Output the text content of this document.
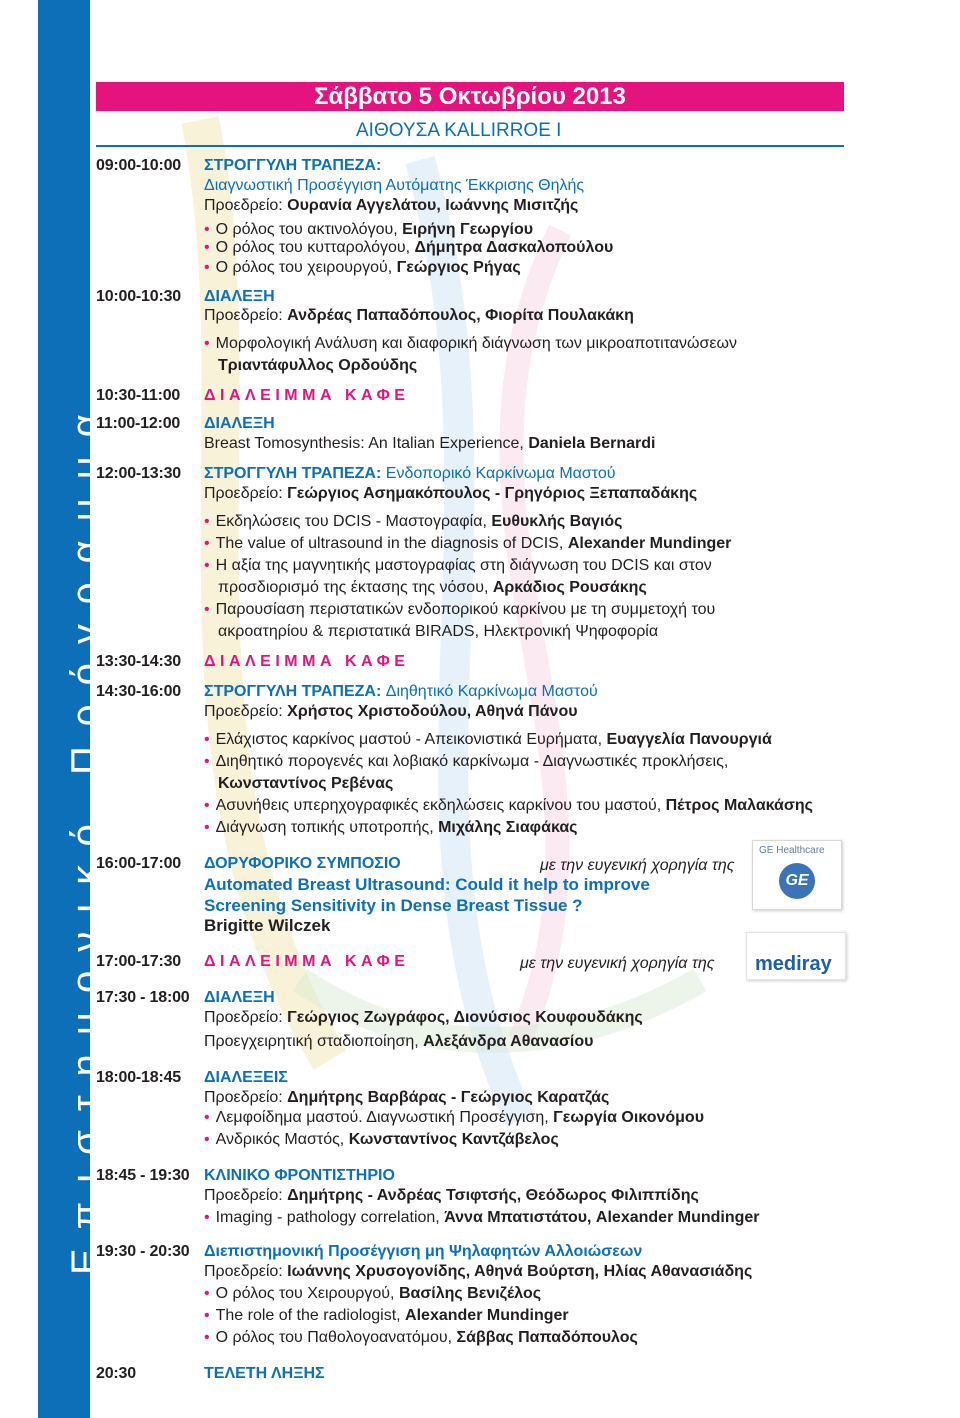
Επιστημονικό Πρόγραμμα
Σάββατο 5 Οκτωβρίου 2013
ΑΙΘΟΥΣΑ KALLIRROE I
09:00-10:00 ΣΤΡΟΓΓΥΛΗ ΤΡΑΠΕΖΑ:
Διαγνωστική Προσέγγιση Αυτόματης Έκκρισης Θηλής
Προεδρείο: Ουρανία Αγγελάτου, Ιωάννης Μισιτζής
• Ο ρόλος του ακτινολόγου, Ειρήνη Γεωργίου
• Ο ρόλος του κυτταρολόγου, Δήμητρα Δασκαλοπούλου
• Ο ρόλος του χειρουργού, Γεώργιος Ρήγας
10:00-10:30 ΔΙΑΛΕΞΗ
Προεδρείο: Ανδρέας Παπαδόπουλος, Φιορίτα Πουλακάκη
• Μορφολογική Ανάλυση και διαφορική διάγνωση των μικροαποτιτανώσεων
Τριαντάφυλλος Ορδούδης
10:30-11:00 ΔΙΑΛΕΙΜΜΑ ΚΑΦΕ
11:00-12:00 ΔΙΑΛΕΞΗ
Breast Tomosynthesis: An Italian Experience, Daniela Bernardi
12:00-13:30 ΣΤΡΟΓΓΥΛΗ ΤΡΑΠΕΖΑ: Ενδοπορικό Καρκίνωμα Μαστού
Προεδρείο: Γεώργιος Ασημακόπουλος - Γρηγόριος Ξεπαπαδάκης
• Εκδηλώσεις του DCIS - Μαστογραφία, Ευθυκλής Βαγιός
• The value of ultrasound in the diagnosis of DCIS, Alexander Mundinger
• Η αξία της μαγνητικής μαστογραφίας στη διάγνωση του DCIS και στον
προσδιορισμό της έκτασης της νόσου, Αρκάδιος Ρουσάκης
• Παρουσίαση περιστατικών ενδοπορικού καρκίνου με τη συμμετοχή του
ακροατηρίου & περιστατικά BIRADS, Ηλεκτρονική Ψηφοφορία
13:30-14:30 ΔΙΑΛΕΙΜΜΑ ΚΑΦΕ
14:30-16:00 ΣΤΡΟΓΓΥΛΗ ΤΡΑΠΕΖΑ: Διηθητικό Καρκίνωμα Μαστού
Προεδρείο: Χρήστος Χριστοδούλου, Αθηνά Πάνου
• Ελάχιστος καρκίνος μαστού - Απεικονιστικά Ευρήματα, Ευαγγελία Πανουργιά
• Διηθητικό πορογενές και λοβιακό καρκίνωμα - Διαγνωστικές προκλήσεις,
Κωνσταντίνος Ρεβένας
• Ασυνήθεις υπερηχογραφικές εκδηλώσεις καρκίνου του μαστού, Πέτρος Μαλακάσης
• Διάγνωση τοπικής υποτροπής, Μιχάλης Σιαφάκας
16:00-17:00 ΔΟΡΥΦΟΡΙΚΟ ΣΥΜΠΟΣΙΟ	με την ευγενική χορηγία της
Automated Breast Ultrasound: Could it help to improve
Screening Sensitivity in Dense Breast Tissue ?
Brigitte Wilczek
GE Healthcare
GE
17:00-17:30 ΔΙΑΛΕΙΜΜΑ ΚΑΦΕ	με την ευγενική χορηγία της mediray
17:30 - 18:00 ΔΙΑΛΕΞΗ
Προεδρείο: Γεώργιος Ζωγράφος, Διονύσιος Κουφουδάκης
Προεγχειρητική σταδιοποίηση, Αλεξάνδρα Αθανασίου
18:00-18:45 ΔΙΑΛΕΞΕΙΣ
Προεδρείο: Δημήτρης Βαρβάρας - Γεώργιος Καρατζάς
• Λεμφοίδημα μαστού. Διαγνωστική Προσέγγιση, Γεωργία Οικονόμου
• Ανδρικός Μαστός, Κωνσταντίνος Καντζάβελος
18:45 - 19:30 ΚΛΙΝΙΚΟ ΦΡΟΝΤΙΣΤΗΡΙΟ
Προεδρείο: Δημήτρης - Ανδρέας Τσιφτσής, Θεόδωρος Φιλιππίδης
• Imaging - pathology correlation, Άννα Μπατιστάτου, Alexander Mundinger
19:30 - 20:30 Διεπιστημονική Προσέγγιση μη Ψηλαφητών Αλλοιώσεων
Προεδρείο: Ιωάννης Χρυσογονίδης, Αθηνά Βούρτση, Ηλίας Αθανασιάδης
• Ο ρόλος του Χειρουργού, Βασίλης Βενιζέλος
• The role of the radiologist, Alexander Mundinger
• Ο ρόλος του Παθολογοανατόμου, Σάββας Παπαδόπουλος
20:30	ΤΕΛΕΤΗ ΛΗΞΗΣ
